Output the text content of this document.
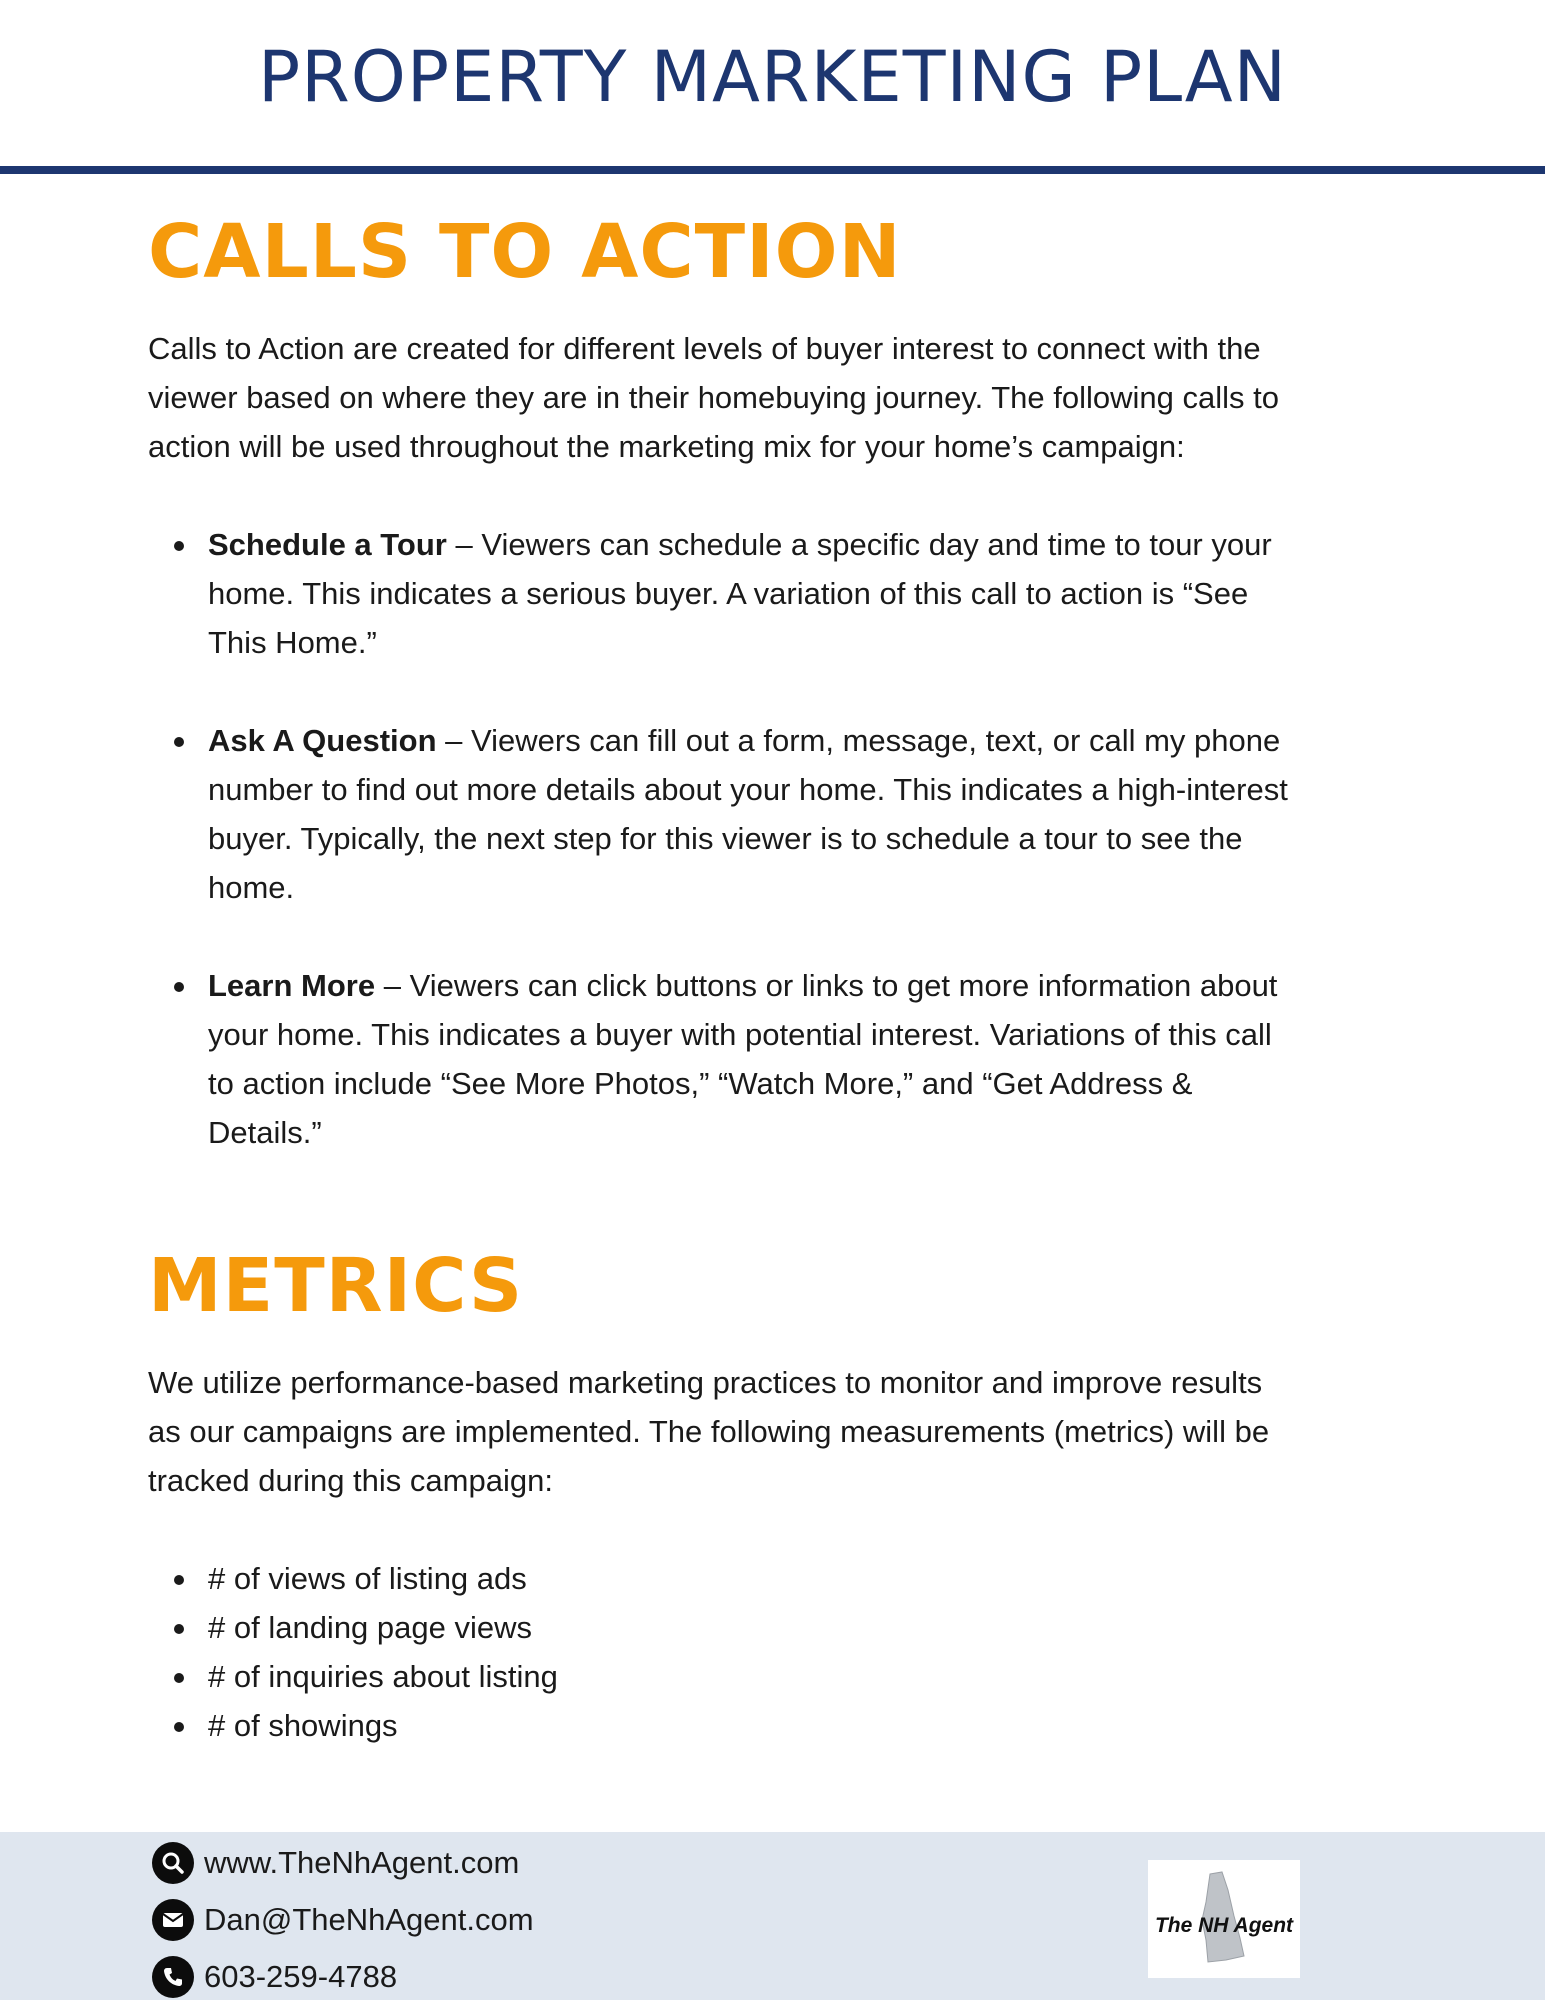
PROPERTY MARKETING PLAN
CALLS TO ACTION
Calls to Action are created for different levels of buyer interest to connect with the
viewer based on where they are in their homebuying journey. The following calls to
action will be used throughout the marketing mix for your home’s campaign:
Schedule a Tour – Viewers can schedule a specific day and time to tour your
home. This indicates a serious buyer. A variation of this call to action is “See
This Home.”
Ask A Question – Viewers can fill out a form, message, text, or call my phone
number to find out more details about your home. This indicates a high-interest
buyer. Typically, the next step for this viewer is to schedule a tour to see the
home.
Learn More – Viewers can click buttons or links to get more information about
your home. This indicates a buyer with potential interest. Variations of this call
to action include “See More Photos,” “Watch More,” and “Get Address &
Details.”
METRICS
We utilize performance-based marketing practices to monitor and improve results
as our campaigns are implemented. The following measurements (metrics) will be
tracked during this campaign:
# of views of listing ads
# of landing page views
# of inquiries about listing
# of showings
www.TheNhAgent.com
Dan@TheNhAgent.com
603-259-4788
The NH Agent
